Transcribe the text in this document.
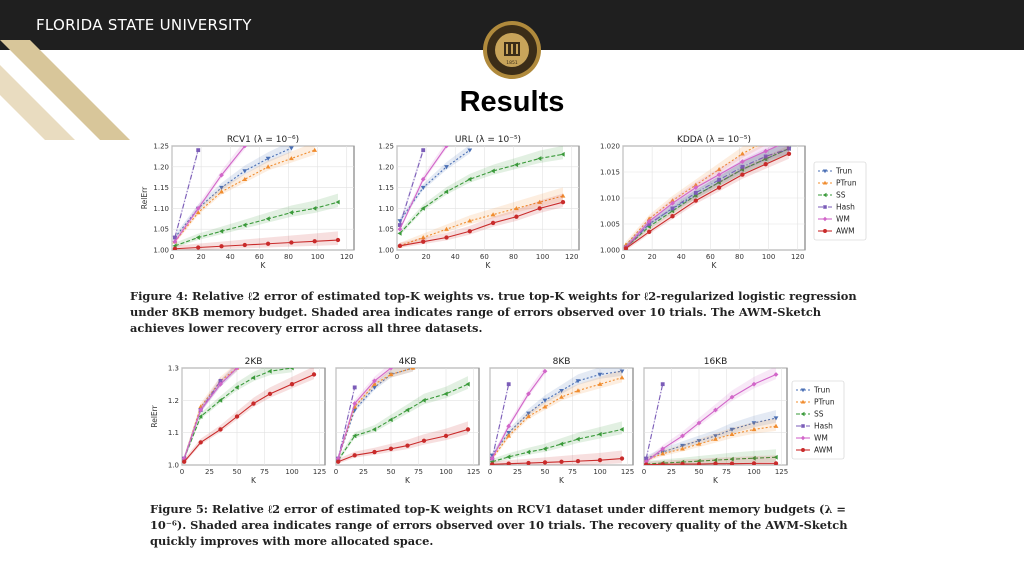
FLORIDA STATE UNIVERSITY
1851
Results
0	20	40	60	80	100 120
1.00
1.05
1.10
1.15
1.20
1.25
RCV1 (λ = 10⁻⁶)
K
RelErr
0	20	40	60	80	100 120
1.00
1.05
1.10
1.15
1.20
1.25
URL (λ = 10⁻⁵)
K
0	20	40	60	80	100 120
1.000
1.005
1.010
1.015
1.020
KDDA (λ = 10⁻⁵)
K
Trun
PTrun
SS
Hash
WM
AWM
Figure 4: Relative ℓ2 error of estimated top-K weights vs. true top-K weights for ℓ2-regularized logistic regression under 8KB memory budget. Shaded area indicates range of errors observed over 10 trials. The AWM-Sketch achieves lower recovery error across all three datasets.
0	25	50	75 100 125
1.0
1.1
1.2
1.3
2KB
K
RelErr
0	25	50	75 100 125
4KB
K
0	25	50	75 100 125
8KB
K
0	25	50	75 100 125
16KB
K
Trun
PTrun
SS
Hash
WM
AWM
Figure 5: Relative ℓ2 error of estimated top-K weights on RCV1 dataset under different memory budgets (λ = 10⁻⁶). Shaded area indicates range of errors observed over 10 trials. The recovery quality of the AWM-Sketch quickly improves with more allocated space.
